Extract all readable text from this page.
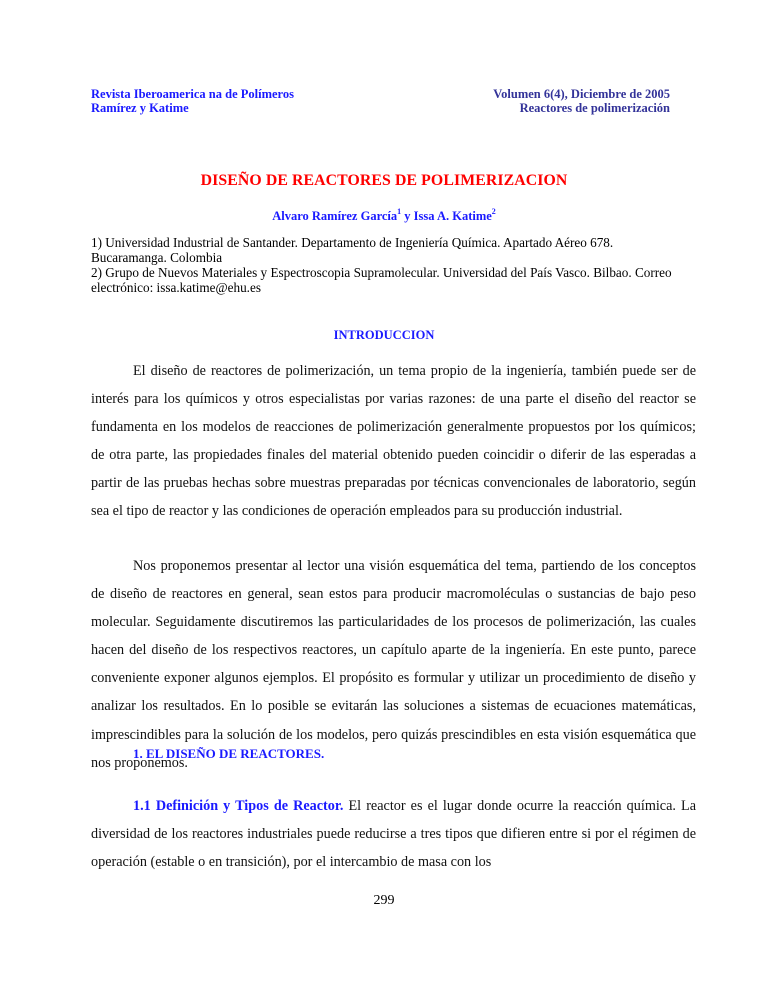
Revista Iberoamerica na de Polímeros
Ramírez y Katime
Volumen 6(4), Diciembre de 2005
Reactores de polimerización
DISEÑO DE REACTORES DE POLIMERIZACION
Alvaro Ramírez García$^1$ y Issa A. Katime$^2$
1) Universidad Industrial de Santander. Departamento de Ingeniería Química. Apartado Aéreo 678. Bucaramanga. Colombia
2) Grupo de Nuevos Materiales y Espectroscopia Supramolecular. Universidad del País Vasco. Bilbao. Correo electrónico: issa.katime@ehu.es
INTRODUCCION

El diseño de reactores de polimerización, un tema propio de la ingeniería, también puede ser de interés para los químicos y otros especialistas por varias razones: de una parte el diseño del reactor se fundamenta en los modelos de reacciones de polimerización generalmente propuestos por los químicos; de otra parte, las propiedades finales del material obtenido pueden coincidir o diferir de las esperadas a partir de las pruebas hechas sobre muestras preparadas por técnicas convencionales de laboratorio, según sea el tipo de reactor y las condiciones de operación empleados para su producción industrial.

Nos proponemos presentar al lector una visión esquemática del tema, partiendo de los conceptos de diseño de reactores en general, sean estos para producir macromoléculas o sustancias de bajo peso molecular. Seguidamente discutiremos las particularidades de los procesos de polimerización, las cuales hacen del diseño de los respectivos reactores, un capítulo aparte de la ingeniería. En este punto, parece conveniente exponer algunos ejemplos. El propósito es formular y utilizar un procedimiento de diseño y analizar los resultados. En lo posible se evitarán las soluciones a sistemas de ecuaciones matemáticas, imprescindibles para la solución de los modelos, pero quizás prescindibles en esta visión esquemática que nos proponemos.

1. EL DISEÑO DE REACTORES.

1.1 Definición y Tipos de Reactor. El reactor es el lugar donde ocurre la reacción química. La diversidad de los reactores industriales puede reducirse a tres tipos que difieren entre si por el régimen de operación (estable o en transición), por el intercambio de masa con los

299
